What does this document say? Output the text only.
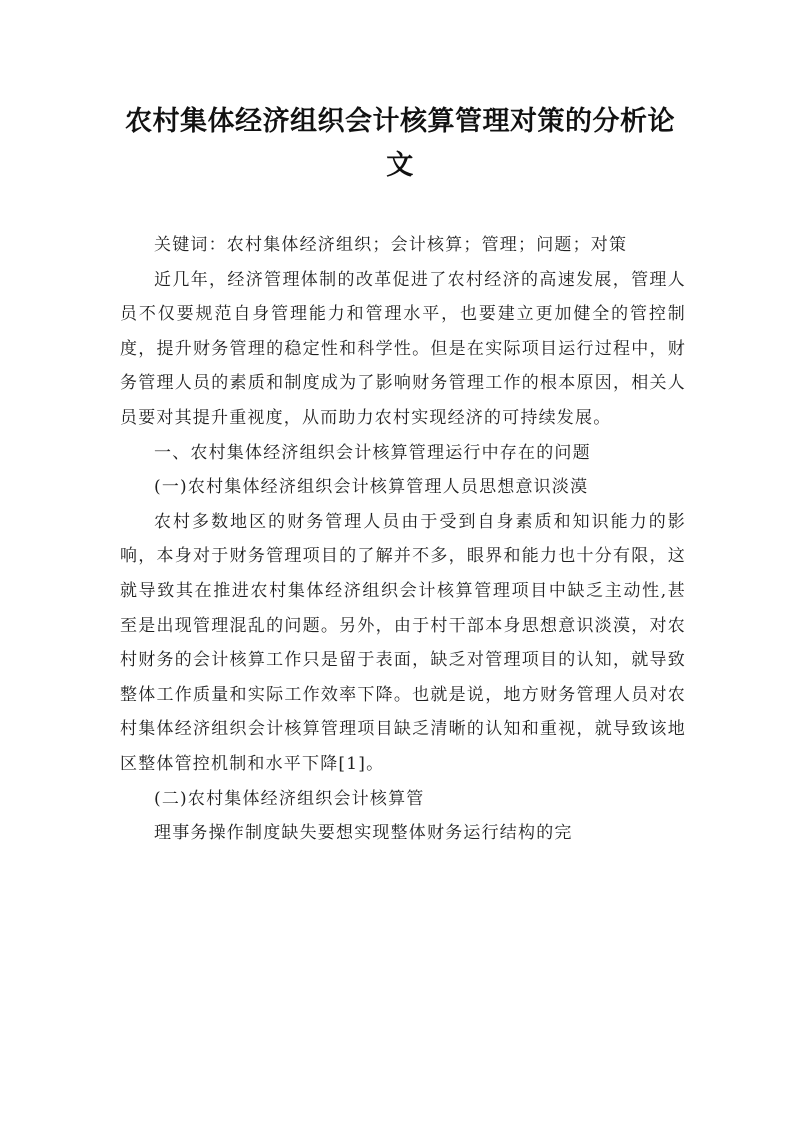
农村集体经济组织会计核算管理对策的分析论文

关键词：农村集体经济组织；会计核算；管理；问题；对策

近几年，经济管理体制的改革促进了农村经济的高速发展，管理人员不仅要规范自身管理能力和管理水平，也要建立更加健全的管控制度，提升财务管理的稳定性和科学性。但是在实际项目运行过程中，财务管理人员的素质和制度成为了影响财务管理工作的根本原因，相关人员要对其提升重视度，从而助力农村实现经济的可持续发展。

一、农村集体经济组织会计核算管理运行中存在的问题

(一)农村集体经济组织会计核算管理人员思想意识淡漠

农村多数地区的财务管理人员由于受到自身素质和知识能力的影响，本身对于财务管理项目的了解并不多，眼界和能力也十分有限，这就导致其在推进农村集体经济组织会计核算管理项目中缺乏主动性,甚至是出现管理混乱的问题。另外，由于村干部本身思想意识淡漠，对农村财务的会计核算工作只是留于表面，缺乏对管理项目的认知，就导致整体工作质量和实际工作效率下降。也就是说，地方财务管理人员对农村集体经济组织会计核算管理项目缺乏清晰的认知和重视，就导致该地区整体管控机制和水平下降[1]。

(二)农村集体经济组织会计核算管

理事务操作制度缺失要想实现整体财务运行结构的完
